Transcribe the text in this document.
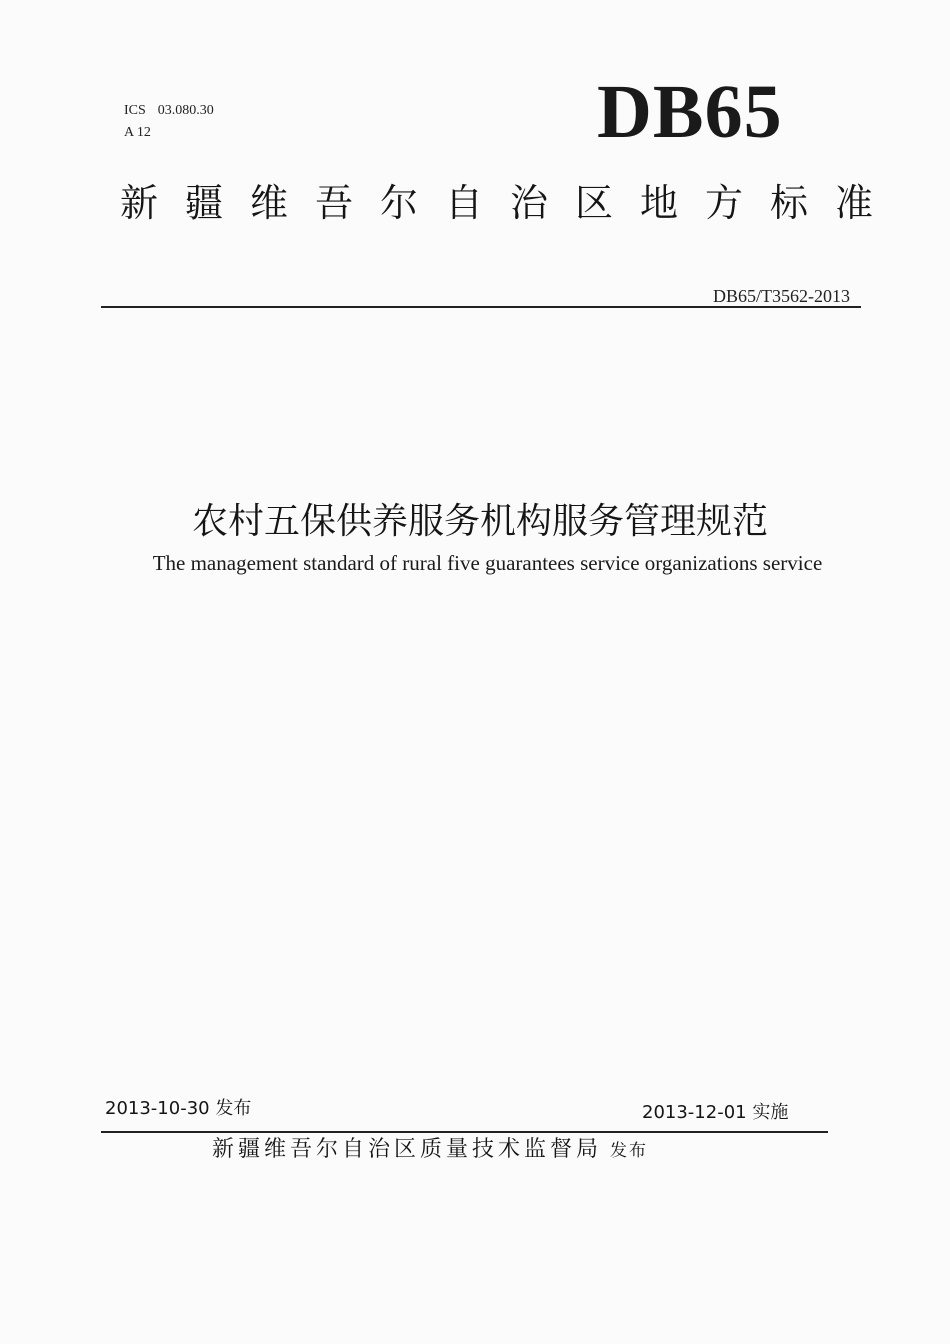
ICS 03.080.30
A 12	DB65
新疆维吾尔自治区地方标准
DB65/T3562-2013
农村五保供养服务机构服务管理规范
The management standard of rural five guarantees service organizations service
2013-10-30 发布	2013-12-01 实施
新疆维吾尔自治区质量技术监督局 发布
